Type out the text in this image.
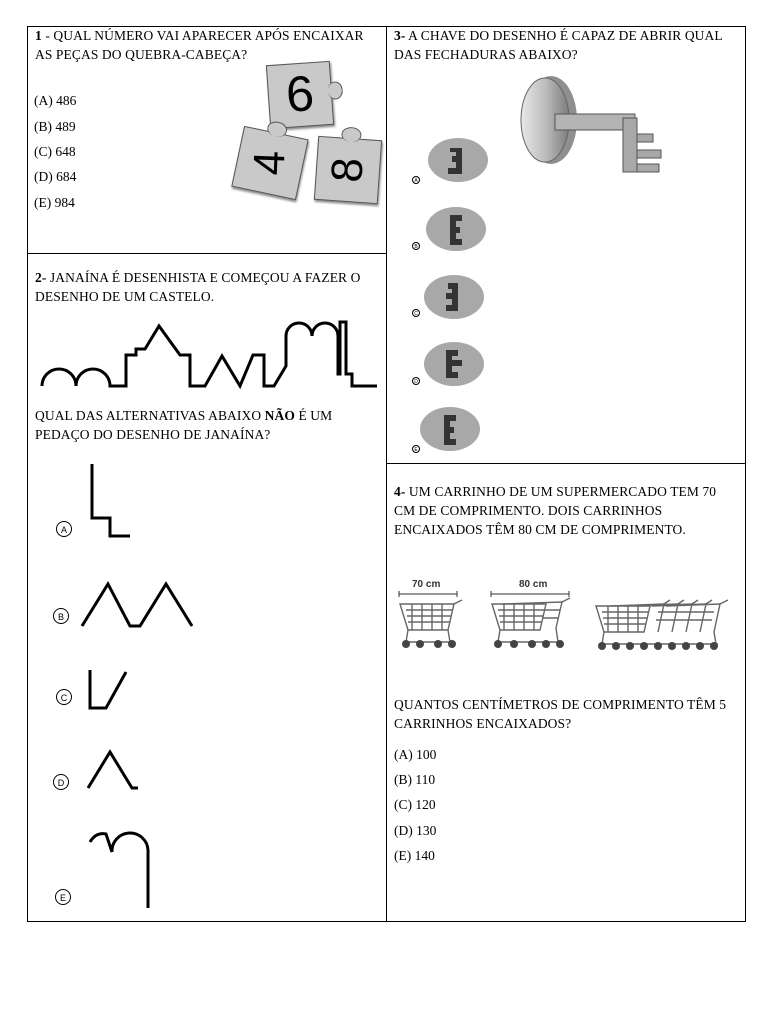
1 - QUAL NÚMERO VAI APARECER APÓS ENCAIXAR AS PEÇAS DO QUEBRA-CABEÇA?
(A) 486
(B) 489
(C) 648
(D) 684
(E) 984
6
4 8
2- JANAÍNA É DESENHISTA E COMEÇOU A FAZER O DESENHO DE UM CASTELO.
QUAL DAS ALTERNATIVAS ABAIXO NÃO É UM PEDAÇO DO DESENHO DE JANAÍNA?
A
B
C
D
E
3- A CHAVE DO DESENHO É CAPAZ DE ABRIR QUAL DAS FECHADURAS ABAIXO?
A
B
C
D
E
4- UM CARRINHO DE UM SUPERMERCADO TEM 70 CM DE COMPRIMENTO. DOIS CARRINHOS ENCAIXADOS TÊM 80 CM DE COMPRIMENTO.
70 cm	80 cm
QUANTOS CENTÍMETROS DE COMPRIMENTO TÊM 5 CARRINHOS ENCAIXADOS?
(A) 100
(B) 110
(C) 120
(D) 130
(E) 140
